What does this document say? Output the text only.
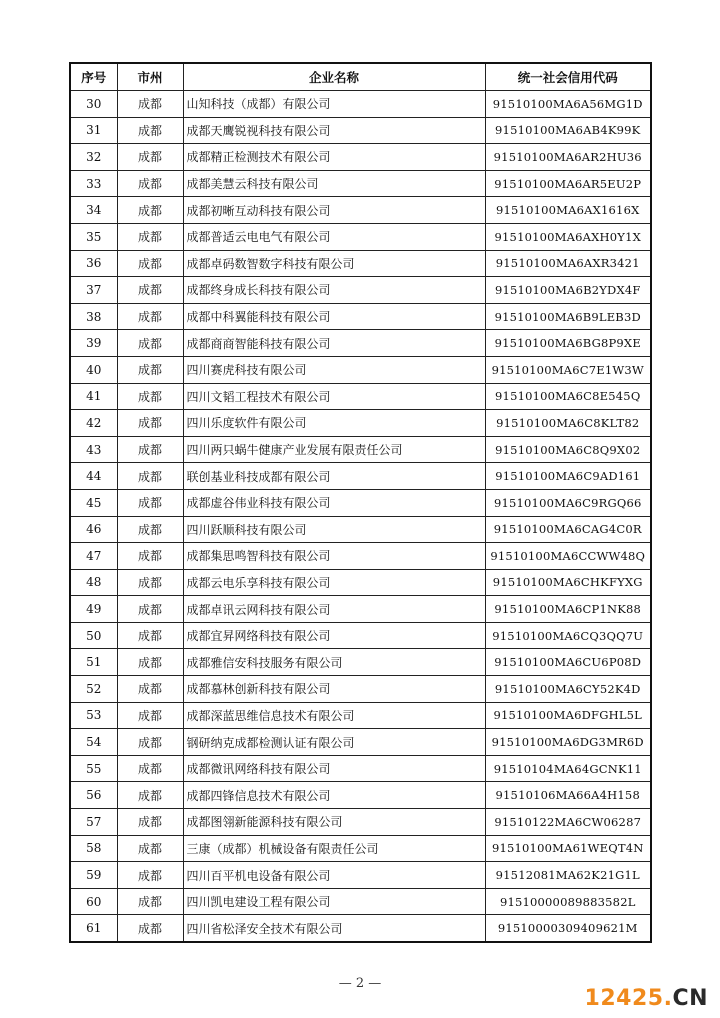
序号	市州	企业名称	统一社会信用代码
30	成都	山知科技（成都）有限公司	91510100MA6A56MG1D
31	成都	成都天鹰锐视科技有限公司	91510100MA6AB4K99K
32	成都	成都精正检测技术有限公司	91510100MA6AR2HU36
33	成都	成都美慧云科技有限公司	91510100MA6AR5EU2P
34	成都	成都初晰互动科技有限公司	91510100MA6AX1616X
35	成都	成都普适云电电气有限公司	91510100MA6AXH0Y1X
36	成都	成都卓码数智数字科技有限公司	91510100MA6AXR3421
37	成都	成都终身成长科技有限公司	91510100MA6B2YDX4F
38	成都	成都中科翼能科技有限公司	91510100MA6B9LEB3D
39	成都	成都商商智能科技有限公司	91510100MA6BG8P9XE
40	成都	四川赛虎科技有限公司	91510100MA6C7E1W3W
41	成都	四川文韬工程技术有限公司	91510100MA6C8E545Q
42	成都	四川乐度软件有限公司	91510100MA6C8KLT82
43	成都	四川两只蜗牛健康产业发展有限责任公司	91510100MA6C8Q9X02
44	成都	联创基业科技成都有限公司	91510100MA6C9AD161
45	成都	成都虚谷伟业科技有限公司	91510100MA6C9RGQ66
46	成都	四川跃顺科技有限公司	91510100MA6CAG4C0R
47	成都	成都集思鸣智科技有限公司	91510100MA6CCWW48Q
48	成都	成都云电乐享科技有限公司	91510100MA6CHKFYXG
49	成都	成都卓讯云网科技有限公司	91510100MA6CP1NK88
50	成都	成都宜昇网络科技有限公司	91510100MA6CQ3QQ7U
51	成都	成都雅信安科技服务有限公司	91510100MA6CU6P08D
52	成都	成都慕林创新科技有限公司	91510100MA6CY52K4D
53	成都	成都深蓝思维信息技术有限公司	91510100MA6DFGHL5L
54	成都	钢研纳克成都检测认证有限公司	91510100MA6DG3MR6D
55	成都	成都微讯网络科技有限公司	91510104MA64GCNK11
56	成都	成都四锋信息技术有限公司	91510106MA66A4H158
57	成都	成都图翎新能源科技有限公司	91510122MA6CW06287
58	成都	三康（成都）机械设备有限责任公司	91510100MA61WEQT4N
59	成都	四川百平机电设备有限公司	91512081MA62K21G1L
60	成都	四川凯电建设工程有限公司	915100000898835​82L
61	成都	四川省松泽安全技术有限公司	91510000309409621M
— 2 —
12425.CN
